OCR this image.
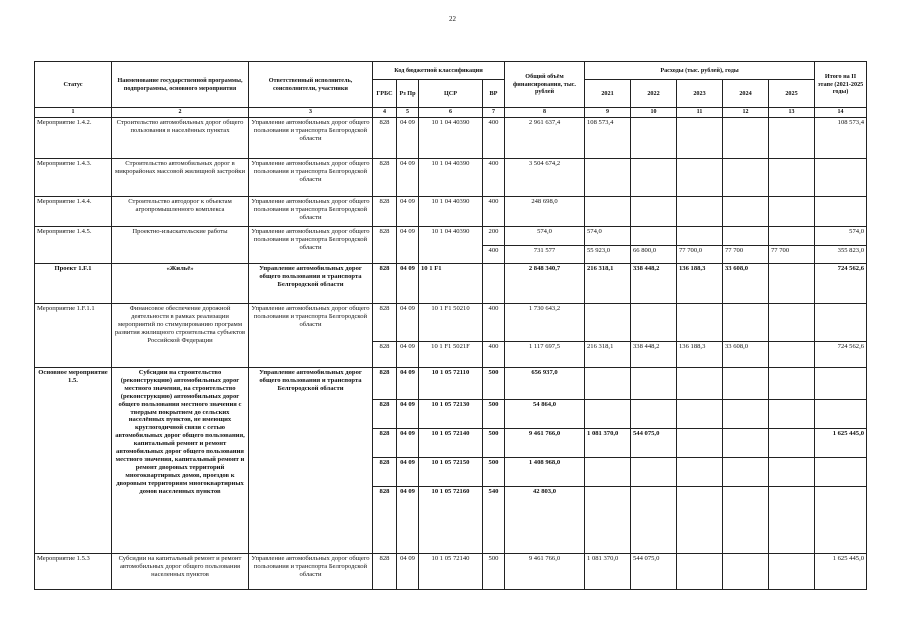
22
Статус	Наименование государственной программы, подпрограммы, основного мероприятия	Ответственный исполнитель, соисполнители, участники	Код бюджетной классификации				Общий объём финансирования, тыс. рублей	Расходы (тыс. рублей), годы					Итого на II этапе (2021-2025 годы)
			ГРБС	Рз Пр	ЦСР	ВР		2021	2022	2023	2024	2025	
1	2	3	4	5	6	7	8	9	10	11	12	13	14
Мероприятие 1.4.2.	Строительство автомобильных дорог общего пользования в населённых пунктах	Управление автомобильных дорог общего пользования и транспорта Белгородской области	828	04 09	10 1 04 40390	400	2 961 637,4	108 573,4					108 573,4
Мероприятие 1.4.3.	Строительство автомобильных дорог в микрорайонах массовой жилищной застройки	Управление автомобильных дорог общего пользования и транспорта Белгородской области	828	04 09	10 1 04 40390	400	3 504 674,2						
Мероприятие 1.4.4.	Строительство автодорог к объектам агропромышленного комплекса	Управление автомобильных дорог общего пользования и транспорта Белгородской области	828	04 09	10 1 04 40390	400	248 698,0						
Мероприятие 1.4.5.	Проектно-изыскательские работы	Управление автомобильных дорог общего пользования и транспорта Белгородской области	828	04 09	10 1 04 40390	200	574,0	574,0					574,0
						400	731 577	55 923,0	66 800,0	77 700,0	77 700	77 700	355 823,0
Проект 1.F.1	«Жильё»	Управление автомобильных дорог общего пользования и транспорта Белгородской области	828	04 09	10 1 F1		2 848 340,7	216 318,1	338 448,2	136 188,3	33 608,0		724 562,6
Мероприятие 1.F.1.1	Финансовое обеспечение дорожной деятельности в рамках реализации мероприятий по стимулированию программ развития жилищного строительства субъектов Российской Федерации	Управление автомобильных дорог общего пользования и транспорта Белгородской области	828	04 09	10 1 F1 50210	400	1 730 643,2						
			828	04 09	10 1 F1 5021F	400	1 117 697,5	216 318,1	338 448,2	136 188,3	33 608,0		724 562,6
Основное мероприятие 1.5.	Субсидии на строительство (реконструкцию) автомобильных дорог местного значения, на строительство (реконструкцию) автомобильных дорог общего пользования местного значения с твердым покрытием до сельских населённых пунктов, не имеющих круглогодичной связи с сетью автомобильных дорог общего пользования, капитальный ремонт и ремонт автомобильных дорог общего пользования местного значения, капитальный ремонт и ремонт дворовых территорий многоквартирных домов, проездов к дворовым территориям многоквартирных домов населенных пунктов	Управление автомобильных дорог общего пользования и транспорта Белгородской области	828	04 09	10 1 05 72110	500	656 937,0						
			828	04 09	10 1 05 72130	500	54 864,0						
			828	04 09	10 1 05 72140	500	9 461 766,0	1 081 370,0	544 075,0				1 625 445,0
			828	04 09	10 1 05 72150	500	1 408 968,0						
			828	04 09	10 1 05 72160	540	42 803,0						
Мероприятие 1.5.3	Субсидии на капитальный ремонт и ремонт автомобильных дорог общего пользования населенных пунктов	Управление автомобильных дорог общего пользования и транспорта Белгородской области	828	04 09	10 1 05 72140	500	9 461 766,0	1 081 370,0	544 075,0				1 625 445,0
